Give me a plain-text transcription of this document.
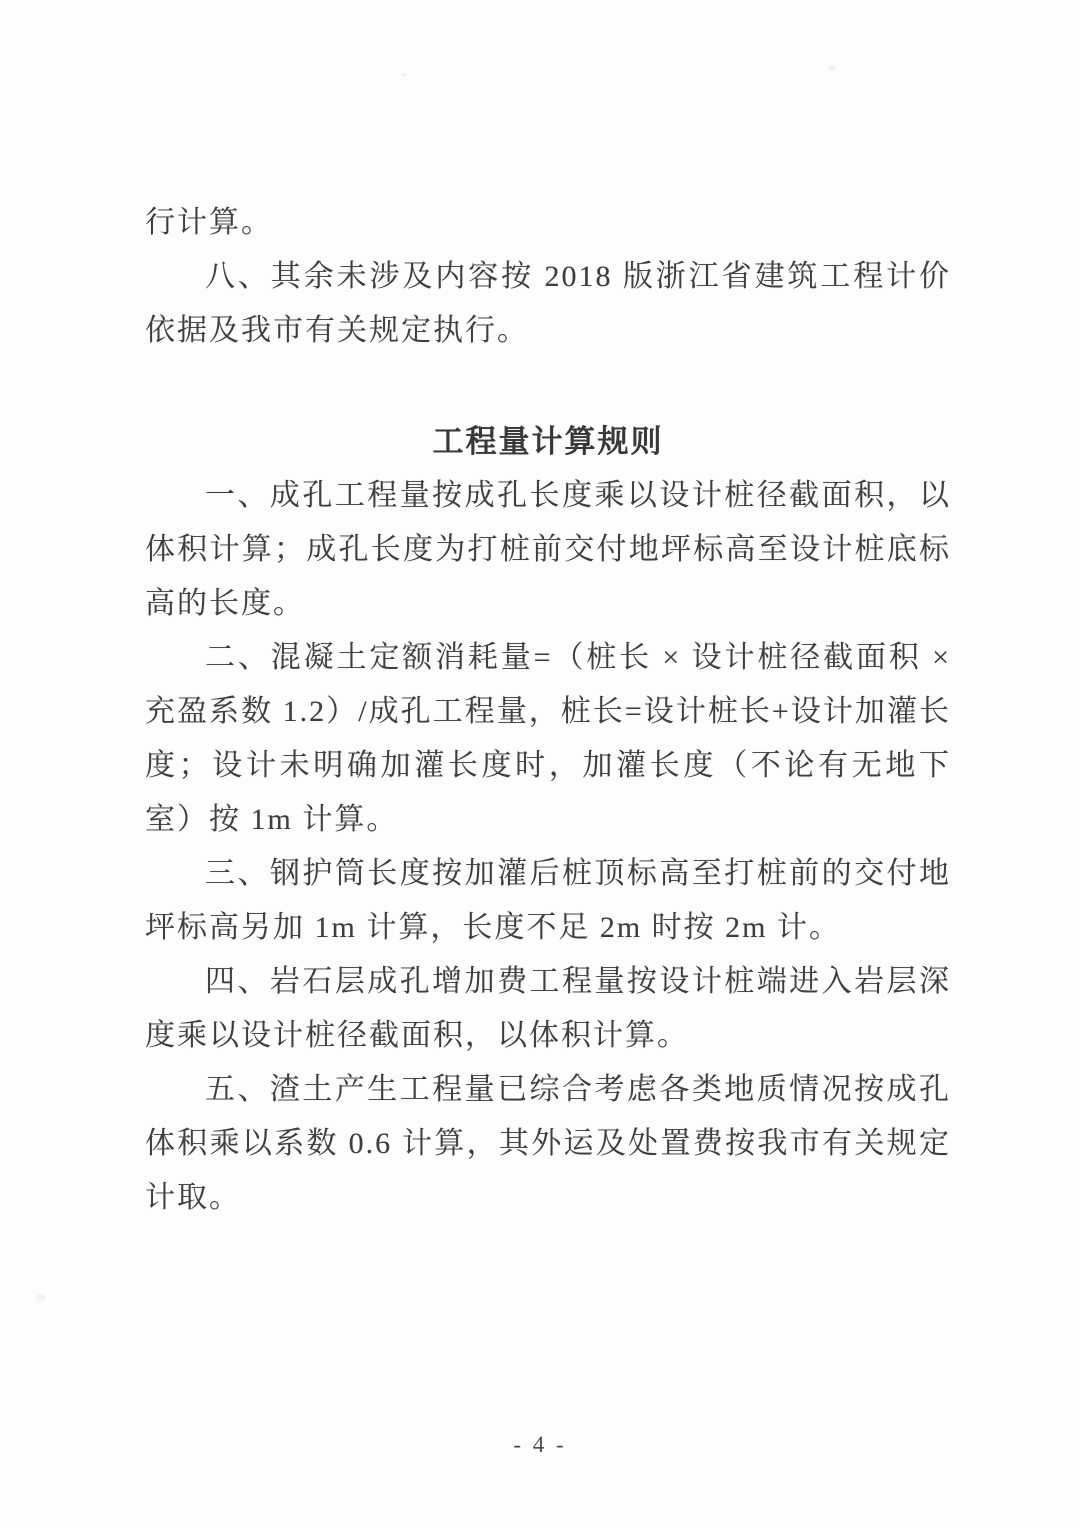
行计算。

八、其余未涉及内容按 2018 版浙江省建筑工程计价依据及我市有关规定执行。

工程量计算规则

一、成孔工程量按成孔长度乘以设计桩径截面积，以体积计算；成孔长度为打桩前交付地坪标高至设计桩底标高的长度。

二、混凝土定额消耗量=（桩长 × 设计桩径截面积 × 充盈系数 1.2）/成孔工程量，桩长=设计桩长+设计加灌长度；设计未明确加灌长度时，加灌长度（不论有无地下室）按 1m 计算。

三、钢护筒长度按加灌后桩顶标高至打桩前的交付地坪标高另加 1m 计算，长度不足 2m 时按 2m 计。

四、岩石层成孔增加费工程量按设计桩端进入岩层深度乘以设计桩径截面积，以体积计算。

五、渣土产生工程量已综合考虑各类地质情况按成孔体积乘以系数 0.6 计算，其外运及处置费按我市有关规定计取。

- 4 -
